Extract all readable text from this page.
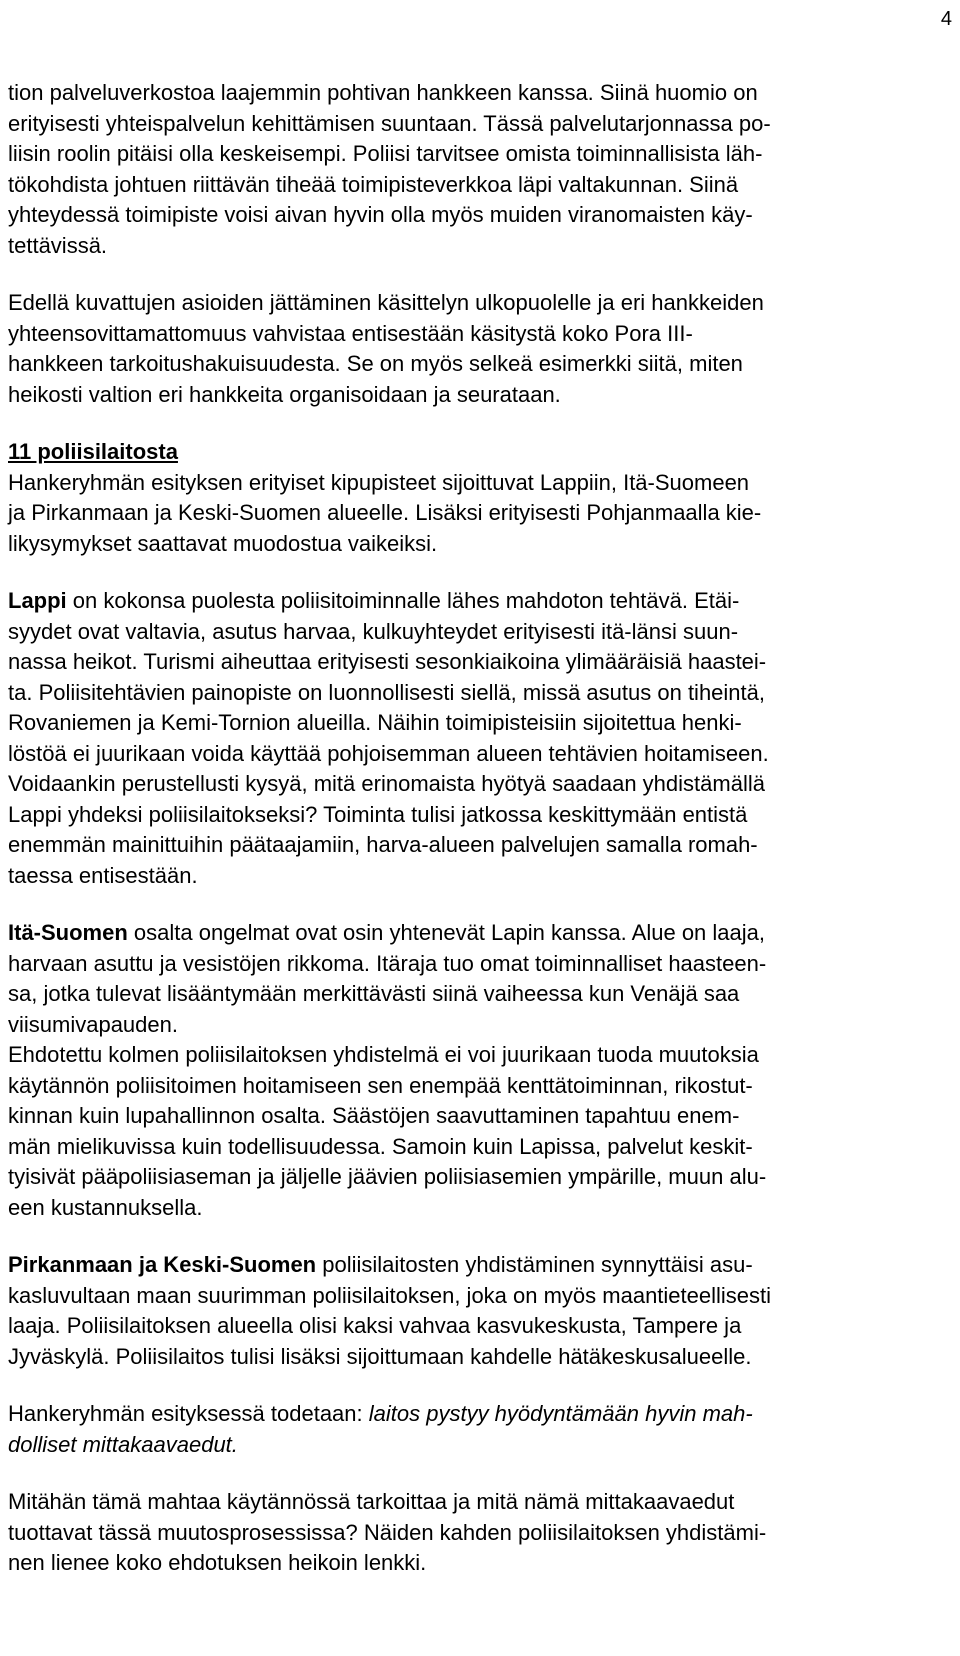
4

tion palveluverkostoa laajemmin pohtivan hankkeen kanssa. Siinä huomio on
erityisesti yhteispalvelun kehittämisen suuntaan. Tässä palvelutarjonnassa po-
liisin roolin pitäisi olla keskeisempi. Poliisi tarvitsee omista toiminnallisista läh-
tökohdista johtuen riittävän tiheää toimipisteverkkoa läpi valtakunnan. Siinä
yhteydessä toimipiste voisi aivan hyvin olla myös muiden viranomaisten käy-
tettävissä.

Edellä kuvattujen asioiden jättäminen käsittelyn ulkopuolelle ja eri hankkeiden
yhteensovittamattomuus vahvistaa entisestään käsitystä koko Pora III-
hankkeen tarkoitushakuisuudesta. Se on myös selkeä esimerkki siitä, miten
heikosti valtion eri hankkeita organisoidaan ja seurataan.

11 poliisilaitosta
Hankeryhmän esityksen erityiset kipupisteet sijoittuvat Lappiin, Itä-Suomeen
ja Pirkanmaan ja Keski-Suomen alueelle. Lisäksi erityisesti Pohjanmaalla kie-
likysymykset saattavat muodostua vaikeiksi.

Lappi on kokonsa puolesta poliisitoiminnalle lähes mahdoton tehtävä. Etäi-
syydet ovat valtavia, asutus harvaa, kulkuyhteydet erityisesti itä-länsi suun-
nassa heikot. Turismi aiheuttaa erityisesti sesonkiaikoina ylimääräisiä haastei-
ta. Poliisitehtävien painopiste on luonnollisesti siellä, missä asutus on tiheintä,
Rovaniemen ja Kemi-Tornion alueilla. Näihin toimipisteisiin sijoitettua henki-
löstöä ei juurikaan voida käyttää pohjoisemman alueen tehtävien hoitamiseen.
Voidaankin perustellusti kysyä, mitä erinomaista hyötyä saadaan yhdistämällä
Lappi yhdeksi poliisilaitokseksi? Toiminta tulisi jatkossa keskittymään entistä
enemmän mainittuihin päätaajamiin, harva-alueen palvelujen samalla romah-
taessa entisestään.

Itä-Suomen osalta ongelmat ovat osin yhtenevät Lapin kanssa. Alue on laaja,
harvaan asuttu ja vesistöjen rikkoma. Itäraja tuo omat toiminnalliset haasteen-
sa, jotka tulevat lisääntymään merkittävästi siinä vaiheessa kun Venäjä saa
viisumivapauden.

Ehdotettu kolmen poliisilaitoksen yhdistelmä ei voi juurikaan tuoda muutoksia
käytännön poliisitoimen hoitamiseen sen enempää kenttätoiminnan, rikostut-
kinnan kuin lupahallinnon osalta. Säästöjen saavuttaminen tapahtuu enem-
män mielikuvissa kuin todellisuudessa. Samoin kuin Lapissa, palvelut keskit-
tyisivät pääpoliisiaseman ja jäljelle jäävien poliisiasemien ympärille, muun alu-
een kustannuksella.

Pirkanmaan ja Keski-Suomen poliisilaitosten yhdistäminen synnyttäisi asu-
kasluvultaan maan suurimman poliisilaitoksen, joka on myös maantieteellisesti
laaja. Poliisilaitoksen alueella olisi kaksi vahvaa kasvukeskusta, Tampere ja
Jyväskylä. Poliisilaitos tulisi lisäksi sijoittumaan kahdelle hätäkeskusalueelle.

Hankeryhmän esityksessä todetaan: laitos pystyy hyödyntämään hyvin mah-
dolliset mittakaavaedut.

Mitähän tämä mahtaa käytännössä tarkoittaa ja mitä nämä mittakaavaedut
tuottavat tässä muutosprosessissa? Näiden kahden poliisilaitoksen yhdistämi-
nen lienee koko ehdotuksen heikoin lenkki.
